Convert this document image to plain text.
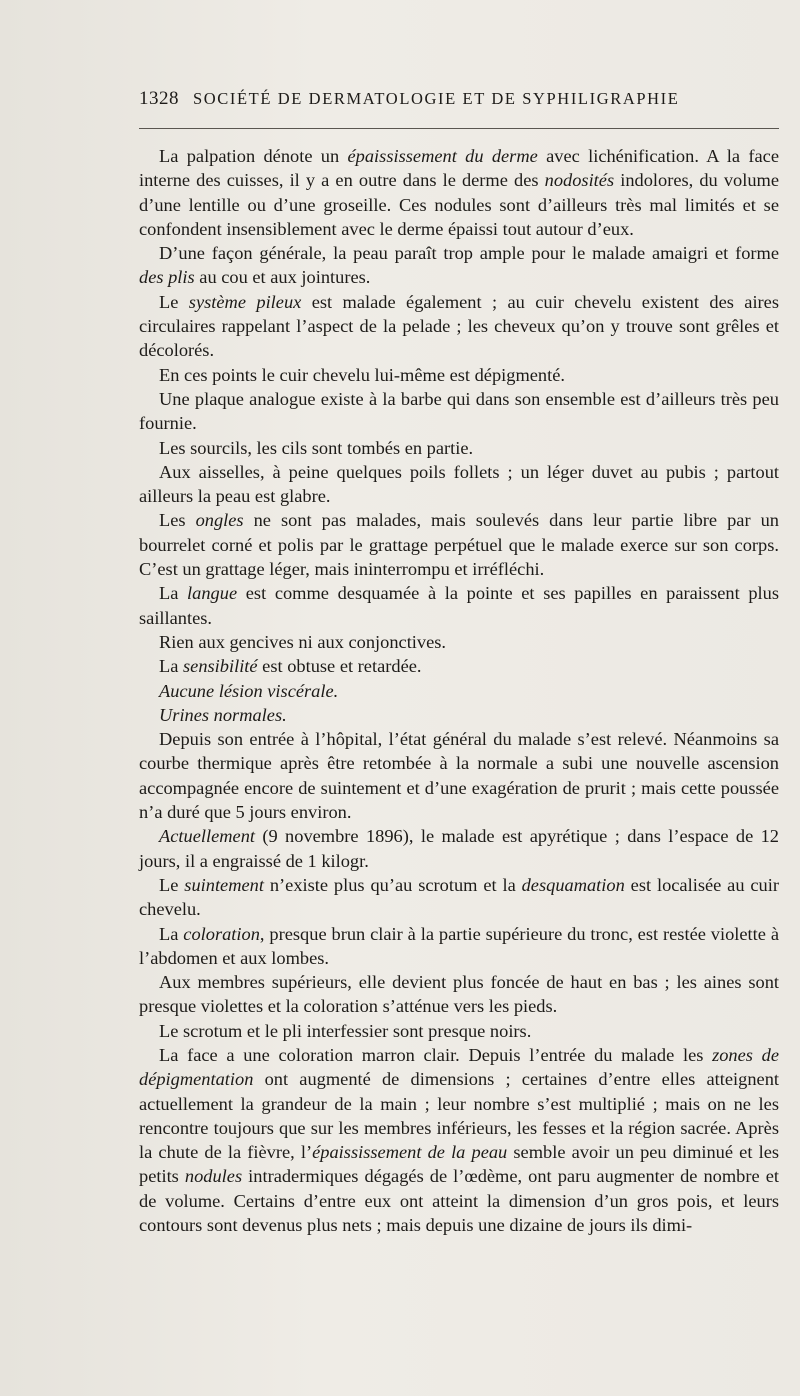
1328 SOCIÉTÉ DE DERMATOLOGIE ET DE SYPHILIGRAPHIE

La palpation dénote un épaississement du derme avec lichénification. A la face interne des cuisses, il y a en outre dans le derme des nodosités indolores, du volume d’une lentille ou d’une groseille. Ces nodules sont d’ailleurs très mal limités et se confondent insensiblement avec le derme épaissi tout autour d’eux.

D’une façon générale, la peau paraît trop ample pour le malade amaigri et forme des plis au cou et aux jointures.

Le système pileux est malade également ; au cuir chevelu existent des aires circulaires rappelant l’aspect de la pelade ; les cheveux qu’on y trouve sont grêles et décolorés.

En ces points le cuir chevelu lui-même est dépigmenté.

Une plaque analogue existe à la barbe qui dans son ensemble est d’ailleurs très peu fournie.

Les sourcils, les cils sont tombés en partie.

Aux aisselles, à peine quelques poils follets ; un léger duvet au pubis ; partout ailleurs la peau est glabre.

Les ongles ne sont pas malades, mais soulevés dans leur partie libre par un bourrelet corné et polis par le grattage perpétuel que le malade exerce sur son corps. C’est un grattage léger, mais ininterrompu et irréfléchi.

La langue est comme desquamée à la pointe et ses papilles en paraissent plus saillantes.

Rien aux gencives ni aux conjonctives.

La sensibilité est obtuse et retardée.

Aucune lésion viscérale.

Urines normales.

Depuis son entrée à l’hôpital, l’état général du malade s’est relevé. Néanmoins sa courbe thermique après être retombée à la normale a subi une nouvelle ascension accompagnée encore de suintement et d’une exagération de prurit ; mais cette poussée n’a duré que 5 jours environ.

Actuellement (9 novembre 1896), le malade est apyrétique ; dans l’espace de 12 jours, il a engraissé de 1 kilogr.

Le suintement n’existe plus qu’au scrotum et la desquamation est localisée au cuir chevelu.

La coloration, presque brun clair à la partie supérieure du tronc, est restée violette à l’abdomen et aux lombes.

Aux membres supérieurs, elle devient plus foncée de haut en bas ; les aines sont presque violettes et la coloration s’atténue vers les pieds.

Le scrotum et le pli interfessier sont presque noirs.

La face a une coloration marron clair. Depuis l’entrée du malade les zones de dépigmentation ont augmenté de dimensions ; certaines d’entre elles atteignent actuellement la grandeur de la main ; leur nombre s’est multiplié ; mais on ne les rencontre toujours que sur les membres inférieurs, les fesses et la région sacrée. Après la chute de la fièvre, l’épaississement de la peau semble avoir un peu diminué et les petits nodules intradermiques dégagés de l’œdème, ont paru augmenter de nombre et de volume. Certains d’entre eux ont atteint la dimension d’un gros pois, et leurs contours sont devenus plus nets ; mais depuis une dizaine de jours ils dimi-
